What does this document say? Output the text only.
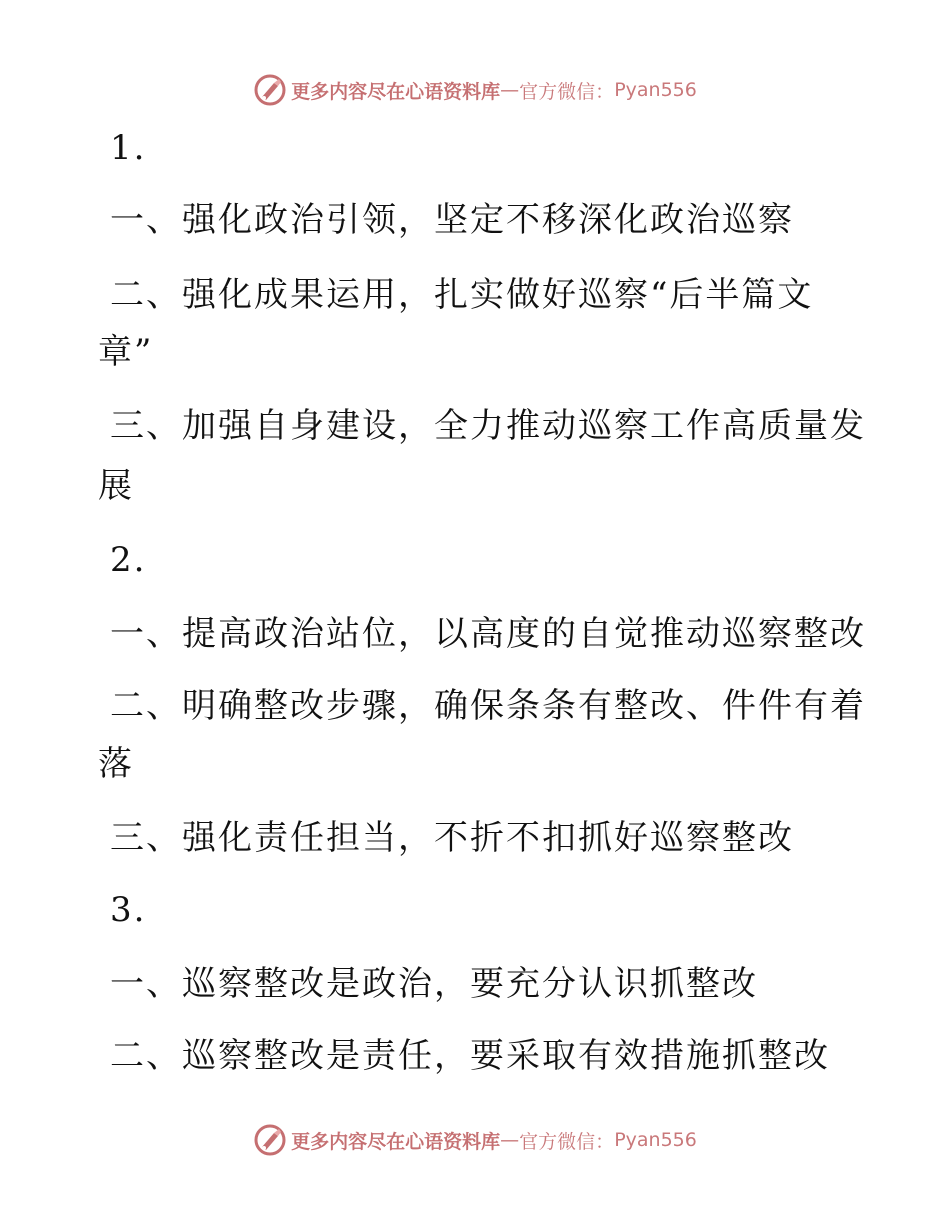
更多内容尽在心语资料库 — 官方微信： Pyan556
1.
一、强化政治引领，坚定不移深化政治巡察
二、强化成果运用，扎实做好巡察“后半篇文
章”
三、加强自身建设，全力推动巡察工作高质量发
展
2.
一、提高政治站位，以高度的自觉推动巡察整改
二、明确整改步骤，确保条条有整改、件件有着
落
三、强化责任担当，不折不扣抓好巡察整改
3.
一、巡察整改是政治，要充分认识抓整改
二、巡察整改是责任，要采取有效措施抓整改
更多内容尽在心语资料库 — 官方微信： Pyan556
